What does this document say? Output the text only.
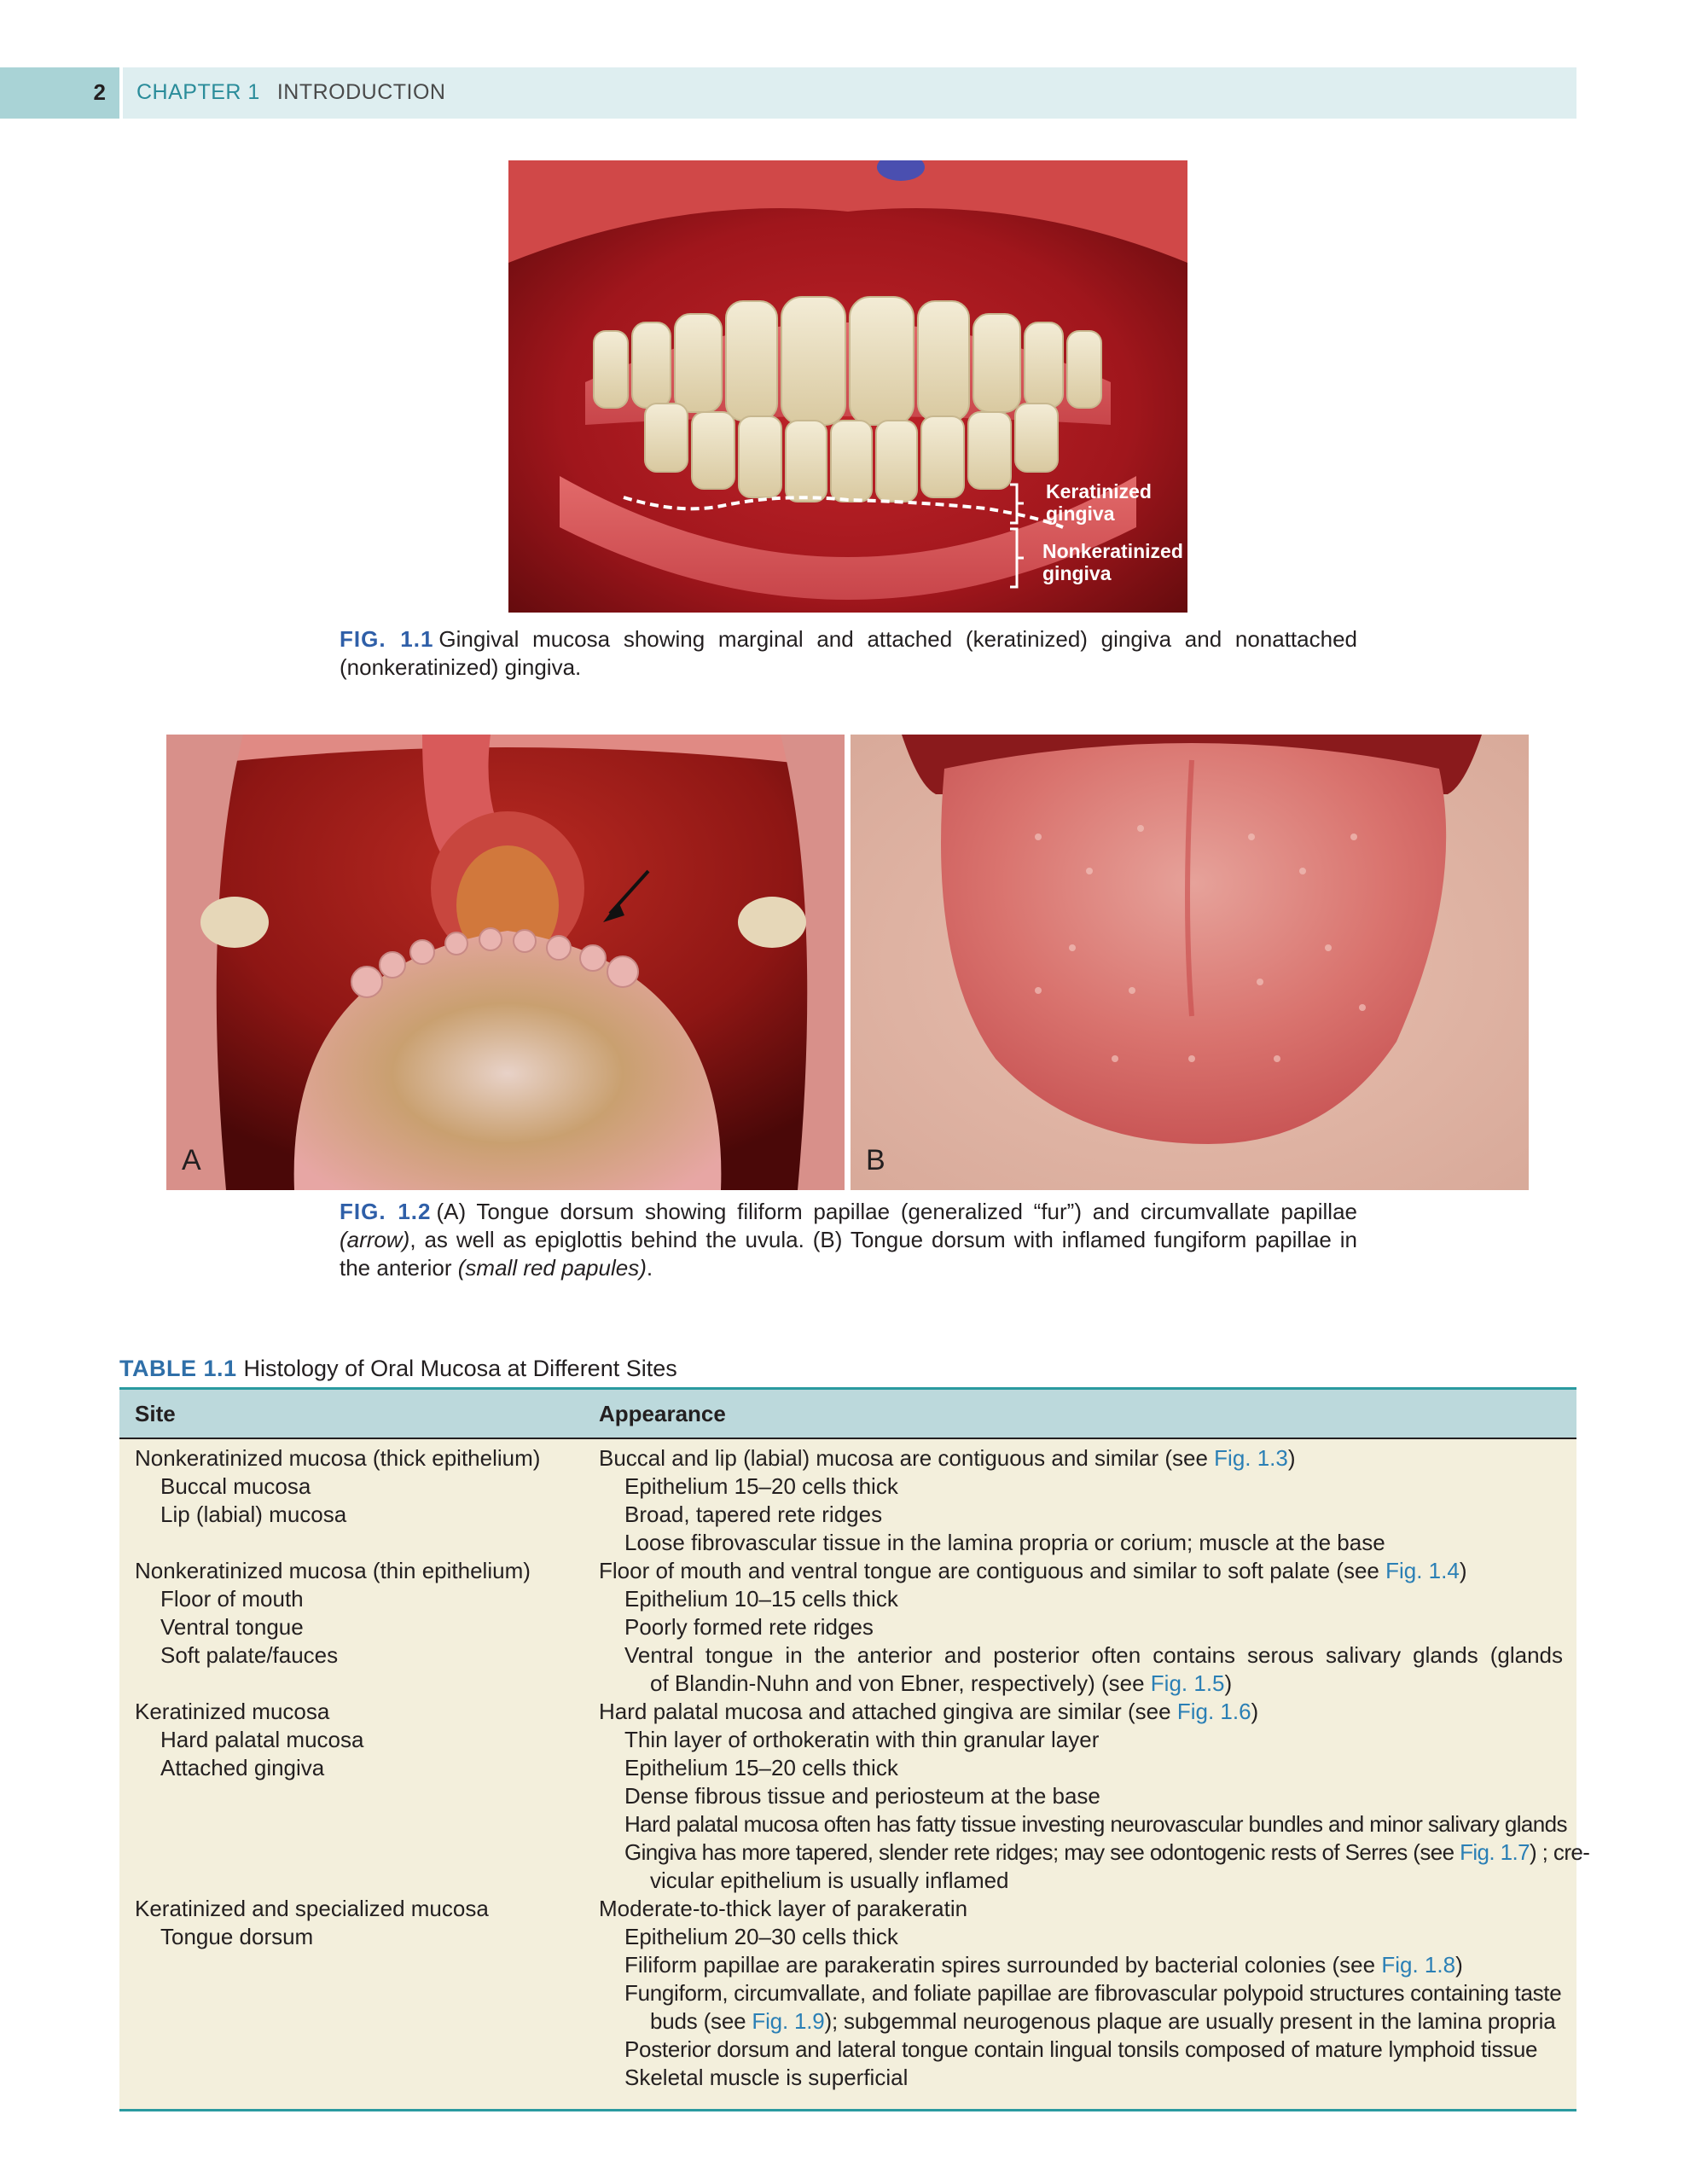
2 CHAPTER 1 INTRODUCTION
Keratinized gingiva
Nonkeratinized gingiva
FIG. 1.1 Gingival mucosa showing marginal and attached (keratinized) gingiva and nonattached (nonkeratinized) gingiva.
A	B
FIG. 1.2 (A) Tongue dorsum showing filiform papillae (generalized “fur”) and circumvallate papillae (arrow), as well as epiglottis behind the uvula. (B) Tongue dorsum with inflamed fungiform papillae in the anterior (small red papules).
TABLE 1.1 Histology of Oral Mucosa at Different Sites
Site	Appearance
Nonkeratinized mucosa (thick epithelium)
Buccal mucosa
Lip (labial) mucosa
Buccal and lip (labial) mucosa are contiguous and similar (see Fig. 1.3)
Epithelium 15–20 cells thick
Broad, tapered rete ridges
Loose fibrovascular tissue in the lamina propria or corium; muscle at the base
Nonkeratinized mucosa (thin epithelium)
Floor of mouth
Ventral tongue
Soft palate/fauces
Floor of mouth and ventral tongue are contiguous and similar to soft palate (see Fig. 1.4)
Epithelium 10–15 cells thick
Poorly formed rete ridges
Ventral tongue in the anterior and posterior often contains serous salivary glands (glands
of Blandin-Nuhn and von Ebner, respectively) (see Fig. 1.5)
Keratinized mucosa
Hard palatal mucosa
Attached gingiva
Hard palatal mucosa and attached gingiva are similar (see Fig. 1.6)
Thin layer of orthokeratin with thin granular layer
Epithelium 15–20 cells thick
Dense fibrous tissue and periosteum at the base
Hard palatal mucosa often has fatty tissue investing neurovascular bundles and minor salivary glands
Gingiva has more tapered, slender rete ridges; may see odontogenic rests of Serres (see Fig. 1.7) ; cre-
vicular epithelium is usually inflamed
Keratinized and specialized mucosa
Tongue dorsum
Moderate-to-thick layer of parakeratin
Epithelium 20–30 cells thick
Filiform papillae are parakeratin spires surrounded by bacterial colonies (see Fig. 1.8)
Fungiform, circumvallate, and foliate papillae are fibrovascular polypoid structures containing taste
buds (see Fig. 1.9); subgemmal neurogenous plaque are usually present in the lamina propria
Posterior dorsum and lateral tongue contain lingual tonsils composed of mature lymphoid tissue
Skeletal muscle is superficial
